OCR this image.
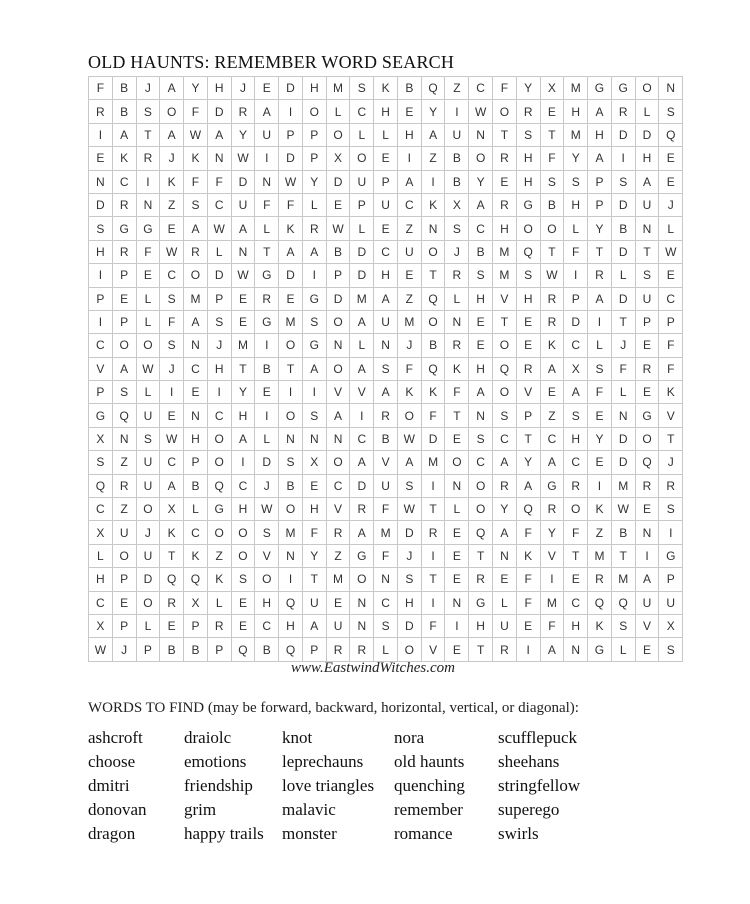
OLD HAUNTS: REMEMBER WORD SEARCH
F	B	J	A	Y	H	J	E	D	H	M	S	K	B	Q	Z	C	F	Y	X	M	G	G	O	N
R	B	S	O	F	D	R	A	I	O	L	C	H	E	Y	I	W	O	R	E	H	A	R	L	S
I	A	T	A	W	A	Y	U	P	P	O	L	L	H	A	U	N	T	S	T	M	H	D	D	Q
E	K	R	J	K	N	W	I	D	P	X	O	E	I	Z	B	O	R	H	F	Y	A	I	H	E
N	C	I	K	F	F	D	N	W	Y	D	U	P	A	I	B	Y	E	H	S	S	P	S	A	E
D	R	N	Z	S	C	U	F	F	L	E	P	U	C	K	X	A	R	G	B	H	P	D	U	J
S	G	G	E	A	W	A	L	K	R	W	L	E	Z	N	S	C	H	O	O	L	Y	B	N	L
H	R	F	W	R	L	N	T	A	A	B	D	C	U	O	J	B	M	Q	T	F	T	D	T	W
I	P	E	C	O	D	W	G	D	I	P	D	H	E	T	R	S	M	S	W	I	R	L	S	E
P	E	L	S	M	P	E	R	E	G	D	M	A	Z	Q	L	H	V	H	R	P	A	D	U	C
I	P	L	F	A	S	E	G	M	S	O	A	U	M	O	N	E	T	E	R	D	I	T	P	P
C	O	O	S	N	J	M	I	O	G	N	L	N	J	B	R	E	O	E	K	C	L	J	E	F
V	A	W	J	C	H	T	B	T	A	O	A	S	F	Q	K	H	Q	R	A	X	S	F	R	F
P	S	L	I	E	I	Y	E	I	I	V	V	A	K	K	F	A	O	V	E	A	F	L	E	K
G	Q	U	E	N	C	H	I	O	S	A	I	R	O	F	T	N	S	P	Z	S	E	N	G	V
X	N	S	W	H	O	A	L	N	N	N	C	B	W	D	E	S	C	T	C	H	Y	D	O	T
S	Z	U	C	P	O	I	D	S	X	O	A	V	A	M	O	C	A	Y	A	C	E	D	Q	J
Q	R	U	A	B	Q	C	J	B	E	C	D	U	S	I	N	O	R	A	G	R	I	M	R	R
C	Z	O	X	L	G	H	W	O	H	V	R	F	W	T	L	O	Y	Q	R	O	K	W	E	S
X	U	J	K	C	O	O	S	M	F	R	A	M	D	R	E	Q	A	F	Y	F	Z	B	N	I
L	O	U	T	K	Z	O	V	N	Y	Z	G	F	J	I	E	T	N	K	V	T	M	T	I	G
H	P	D	Q	Q	K	S	O	I	T	M	O	N	S	T	E	R	E	F	I	E	R	M	A	P
C	E	O	R	X	L	E	H	Q	U	E	N	C	H	I	N	G	L	F	M	C	Q	Q	U	U
X	P	L	E	P	R	E	C	H	A	U	N	S	D	F	I	H	U	E	F	H	K	S	V	X
W	J	P	B	B	P	Q	B	Q	P	R	R	L	O	V	E	T	R	I	A	N	G	L	E	S
www.EastwindWitches.com
WORDS TO FIND (may be forward, backward, horizontal, vertical, or diagonal):
ashcroft
choose
dmitri
donovan
dragon
draiolc
emotions
friendship
grim
happy trails
knot
leprechauns
love triangles
malavic
monster
nora
old haunts
quenching
remember
romance
scufflepuck
sheehans
stringfellow
superego
swirls
